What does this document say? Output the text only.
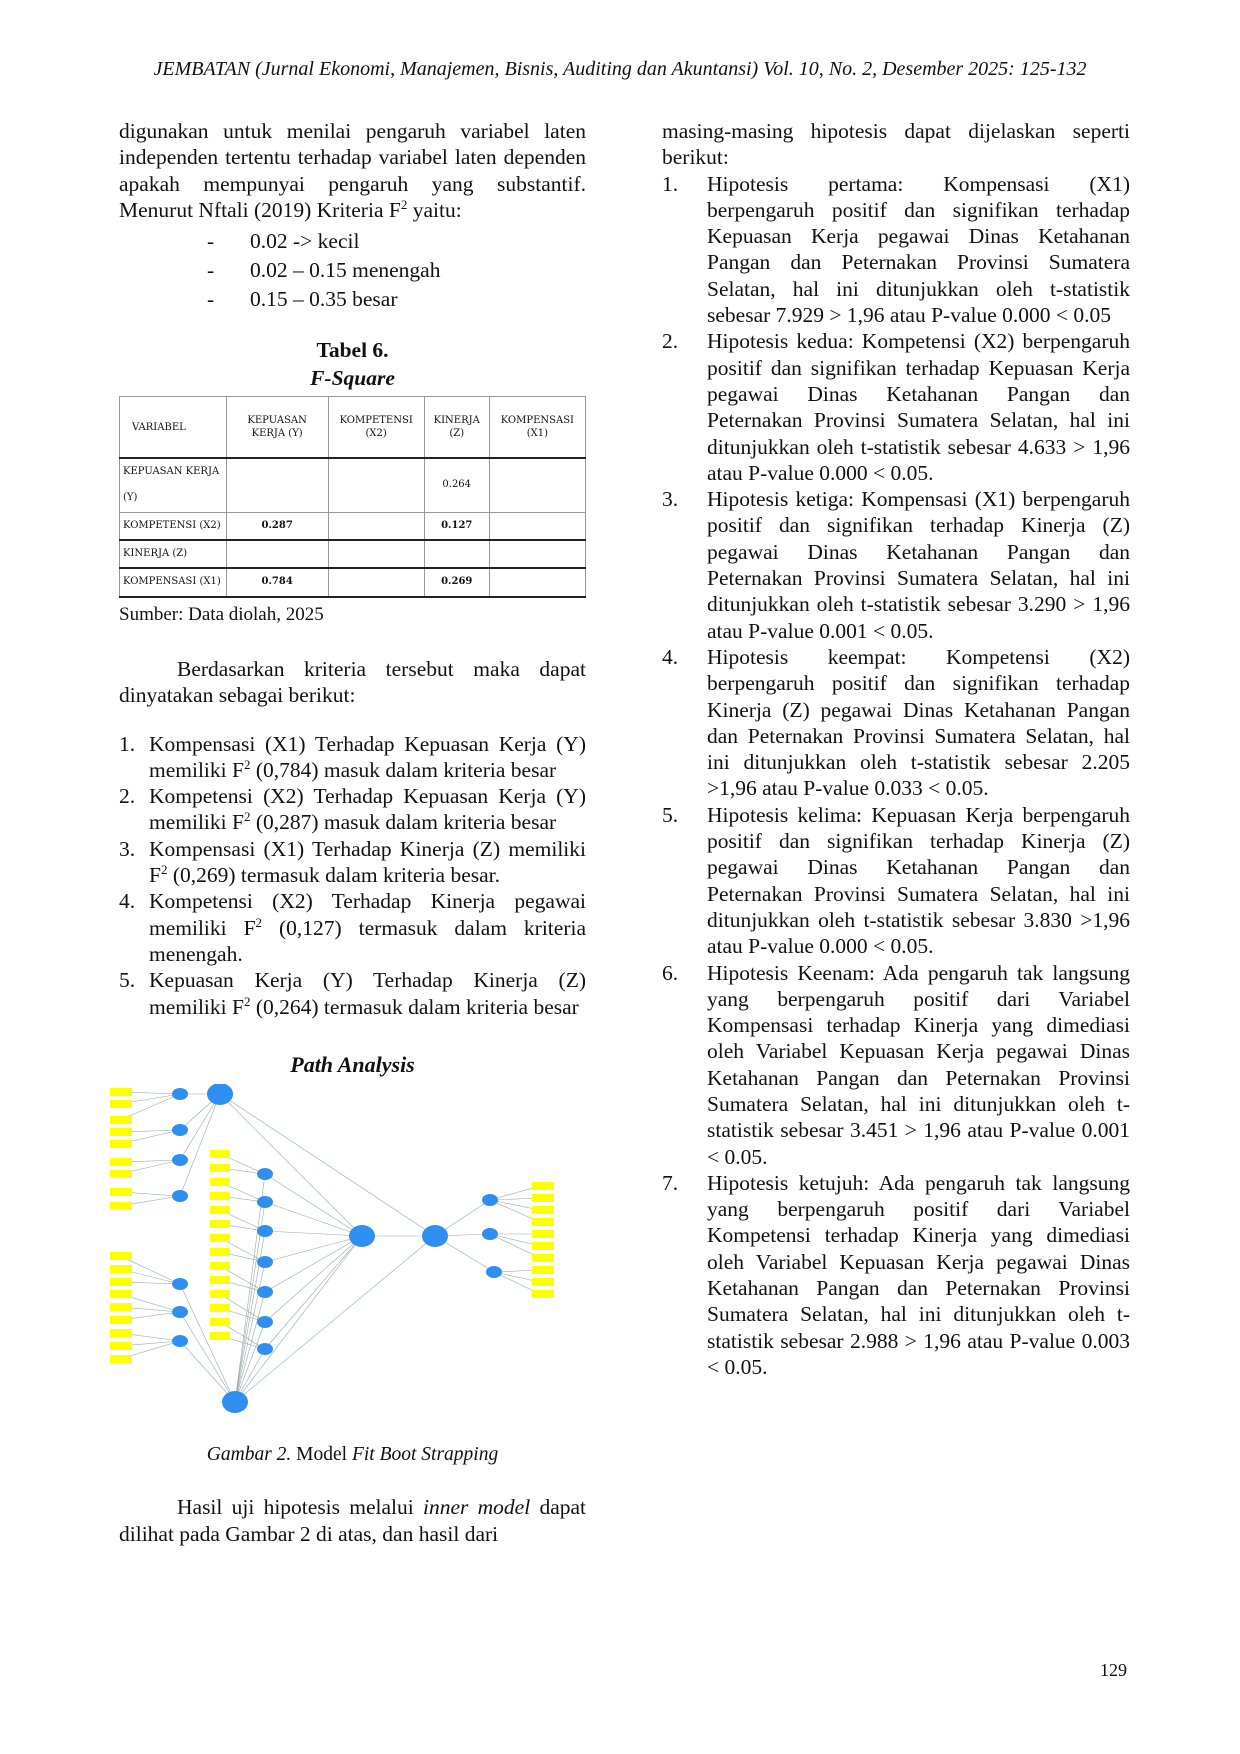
JEMBATAN (Jurnal Ekonomi, Manajemen, Bisnis, Auditing dan Akuntansi) Vol. 10, No. 2, Desember 2025: 125-132

digunakan untuk menilai pengaruh variabel laten independen tertentu terhadap variabel laten dependen apakah mempunyai pengaruh yang substantif. Menurut Nftali (2019) Kriteria $F^2$ yaitu:

- 0.02 -> kecil
- 0.02 – 0.15 menengah
- 0.15 – 0.35 besar
Tabel 6.
F-Square
VARIABEL	KEPUASAN KERJA (Y)	KOMPETENSI (X2)	KINERJA (Z)	KOMPENSASI (X1)
KEPUASAN KERJA (Y)			0.264	
KOMPETENSI (X2)	0.287		0.127	
KINERJA (Z)				
KOMPENSASI (X1)	0.784		0.269	
Sumber: Data diolah, 2025

Berdasarkan kriteria tersebut maka dapat dinyatakan sebagai berikut:

1. Kompensasi (X1) Terhadap Kepuasan Kerja (Y) memiliki $F^2$ (0,784) masuk dalam kriteria besar
2. Kompetensi (X2) Terhadap Kepuasan Kerja (Y) memiliki $F^2$ (0,287) masuk dalam kriteria besar
3. Kompensasi (X1) Terhadap Kinerja (Z) memiliki $F^2$ (0,269) termasuk dalam kriteria besar.
4. Kompetensi (X2) Terhadap Kinerja pegawai memiliki $F^2$ (0,127) termasuk dalam kriteria menengah.
5. Kepuasan Kerja (Y) Terhadap Kinerja (Z) memiliki $F^2$ (0,264) termasuk dalam kriteria besar
Path Analysis
Gambar 2. Model Fit Boot Strapping

Hasil uji hipotesis melalui inner model dapat dilihat pada Gambar 2 di atas, dan hasil dari

masing-masing hipotesis dapat dijelaskan seperti berikut:

1. Hipotesis pertama: Kompensasi (X1) berpengaruh positif dan signifikan terhadap Kepuasan Kerja pegawai Dinas Ketahanan Pangan dan Peternakan Provinsi Sumatera Selatan, hal ini ditunjukkan oleh t-statistik sebesar 7.929 > 1,96 atau P-value 0.000 < 0.05
2. Hipotesis kedua: Kompetensi (X2) berpengaruh positif dan signifikan terhadap Kepuasan Kerja pegawai Dinas Ketahanan Pangan dan Peternakan Provinsi Sumatera Selatan, hal ini ditunjukkan oleh t-statistik sebesar 4.633 > 1,96 atau P-value 0.000 < 0.05.
3. Hipotesis ketiga: Kompensasi (X1) berpengaruh positif dan signifikan terhadap Kinerja (Z) pegawai Dinas Ketahanan Pangan dan Peternakan Provinsi Sumatera Selatan, hal ini ditunjukkan oleh t-statistik sebesar 3.290 > 1,96 atau P-value 0.001 < 0.05.
4. Hipotesis keempat: Kompetensi (X2) berpengaruh positif dan signifikan terhadap Kinerja (Z) pegawai Dinas Ketahanan Pangan dan Peternakan Provinsi Sumatera Selatan, hal ini ditunjukkan oleh t-statistik sebesar 2.205 >1,96 atau P-value 0.033 < 0.05.
5. Hipotesis kelima: Kepuasan Kerja berpengaruh positif dan signifikan terhadap Kinerja (Z) pegawai Dinas Ketahanan Pangan dan Peternakan Provinsi Sumatera Selatan, hal ini ditunjukkan oleh t-statistik sebesar 3.830 >1,96 atau P-value 0.000 < 0.05.
6. Hipotesis Keenam: Ada pengaruh tak langsung yang berpengaruh positif dari Variabel Kompensasi terhadap Kinerja yang dimediasi oleh Variabel Kepuasan Kerja pegawai Dinas Ketahanan Pangan dan Peternakan Provinsi Sumatera Selatan, hal ini ditunjukkan oleh t-statistik sebesar 3.451 > 1,96 atau P-value 0.001 < 0.05.
7. Hipotesis ketujuh: Ada pengaruh tak langsung yang berpengaruh positif dari Variabel Kompetensi terhadap Kinerja yang dimediasi oleh Variabel Kepuasan Kerja pegawai Dinas Ketahanan Pangan dan Peternakan Provinsi Sumatera Selatan, hal ini ditunjukkan oleh t-statistik sebesar 2.988 > 1,96 atau P-value 0.003 < 0.05.
129
